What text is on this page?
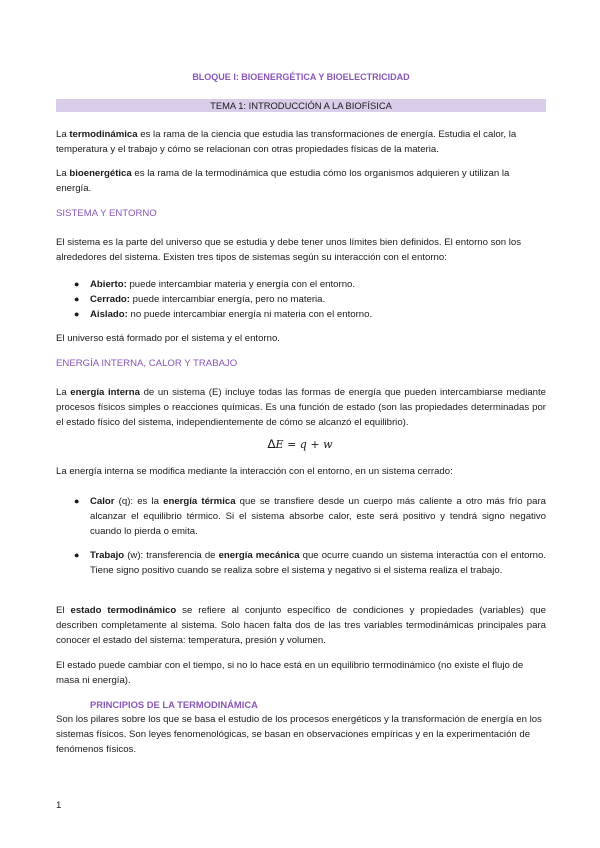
BLOQUE I: BIOENERGÉTICA Y BIOELECTRICIDAD
TEMA 1: INTRODUCCIÓN A LA BIOFÍSICA

La termodinámica es la rama de la ciencia que estudia las transformaciones de energía. Estudia el calor, la temperatura y el trabajo y cómo se relacionan con otras propiedades físicas de la materia.

La bioenergética es la rama de la termodinámica que estudia cómo los organismos adquieren y utilizan la energía.

SISTEMA Y ENTORNO

El sistema es la parte del universo que se estudia y debe tener unos límites bien definidos. El entorno son los alrededores del sistema. Existen tres tipos de sistemas según su interacción con el entorno:

● Abierto: puede intercambiar materia y energía con el entorno.
● Cerrado: puede intercambiar energía, pero no materia.
● Aislado: no puede intercambiar energía ni materia con el entorno.

El universo está formado por el sistema y el entorno.

ENERGÍA INTERNA, CALOR Y TRABAJO

La energía interna de un sistema (E) incluye todas las formas de energía que pueden intercambiarse mediante procesos físicos simples o reacciones químicas. Es una función de estado (son las propiedades determinadas por el estado físico del sistema, independientemente de cómo se alcanzó el equilibrio).

∆E = q + w

La energía interna se modifica mediante la interacción con el entorno, en un sistema cerrado:

● Calor (q): es la energía térmica que se transfiere desde un cuerpo más caliente a otro más frío para alcanzar el equilibrio térmico. Si el sistema absorbe calor, este será positivo y tendrá signo negativo cuando lo pierda o emita.
● Trabajo (w): transferencia de energía mecánica que ocurre cuando un sistema interactúa con el entorno. Tiene signo positivo cuando se realiza sobre el sistema y negativo si el sistema realiza el trabajo.

El estado termodinámico se refiere al conjunto específico de condiciones y propiedades (variables) que describen completamente al sistema. Solo hacen falta dos de las tres variables termodinámicas principales para conocer el estado del sistema: temperatura, presión y volumen.

El estado puede cambiar con el tiempo, si no lo hace está en un equilibrio termodinámico (no existe el flujo de masa ni energía).

PRINCIPIOS DE LA TERMODINÁMICA

Son los pilares sobre los que se basa el estudio de los procesos energéticos y la transformación de energía en los sistemas físicos. Son leyes fenomenológicas, se basan en observaciones empíricas y en la experimentación de fenómenos físicos.

1
